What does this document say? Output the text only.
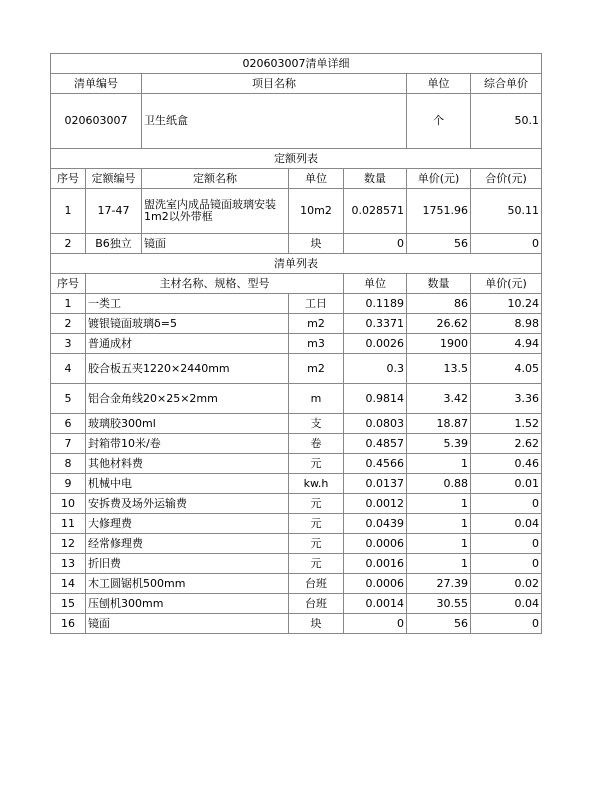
020603007清单详细							
清单编号		项目名称			单位	综合单价	
020603007		卫生纸盒			个	50.1	
定额列表							
序号	定额编号	定额名称	单位	数量	单价(元)	合价(元)	
1	17-47	盥洗室内成品镜面玻璃安装1m2以外带框	10m2	0.028571	1751.96	50.11	
2	B6独立	镜面	块	0	56	0	
清单列表							
序号	主材名称、规格、型号			单位	数量	单价(元)	
1	一类工		工日	0.1189	86	10.24	
2	镀银镜面玻璃δ=5		m2	0.3371	26.62	8.98	
3	普通成材		m3	0.0026	1900	4.94	
4	胶合板五夹1220×2440mm		m2	0.3	13.5	4.05	
5	铝合金角线20×25×2mm		m	0.9814	3.42	3.36	
6	玻璃胶300ml		支	0.0803	18.87	1.52	
7	封箱带10米/卷		卷	0.4857	5.39	2.62	
8	其他材料费		元	0.4566	1	0.46	
9	机械中电		kw.h	0.0137	0.88	0.01	
10	安拆费及场外运输费		元	0.0012	1	0	
11	大修理费		元	0.0439	1	0.04	
12	经常修理费		元	0.0006	1	0	
13	折旧费		元	0.0016	1	0	
14	木工圆锯机500mm		台班	0.0006	27.39	0.02	
15	压刨机300mm		台班	0.0014	30.55	0.04	
16	镜面		块	0	56	0	
